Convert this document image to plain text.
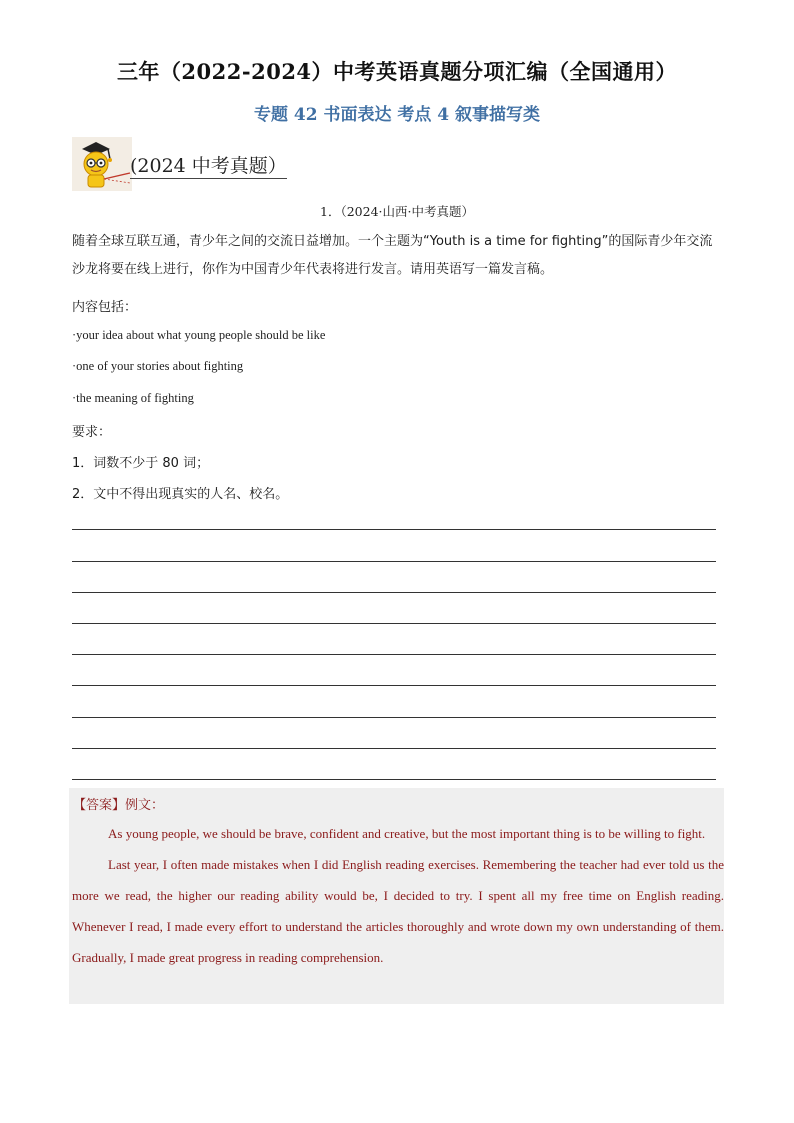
三年（2022-2024）中考英语真题分项汇编（全国通用）
专题 42 书面表达 考点 4 叙事描写类
(2024 中考真题）
1．（2024·山西·中考真题）
随着全球互联互通，青少年之间的交流日益增加。一个主题为“Youth is a time for fighting”的国际青少年交流沙龙将要在线上进行，你作为中国青少年代表将进行发言。请用英语写一篇发言稿。
内容包括：
·your idea about what young people should be like
·one of your stories about fighting
·the meaning of fighting
要求：
1．词数不少于 80 词；
2．文中不得出现真实的人名、校名。
【答案】例文：
As young people, we should be brave, confident and creative, but the most important thing is to be willing to fight.
Last year, I often made mistakes when I did English reading exercises. Remembering the teacher had ever told us the more we read, the higher our reading ability would be, I decided to try. I spent all my free time on English reading. Whenever I read, I made every effort to understand the articles thoroughly and wrote down my own understanding of them. Gradually, I made great progress in reading comprehension.
